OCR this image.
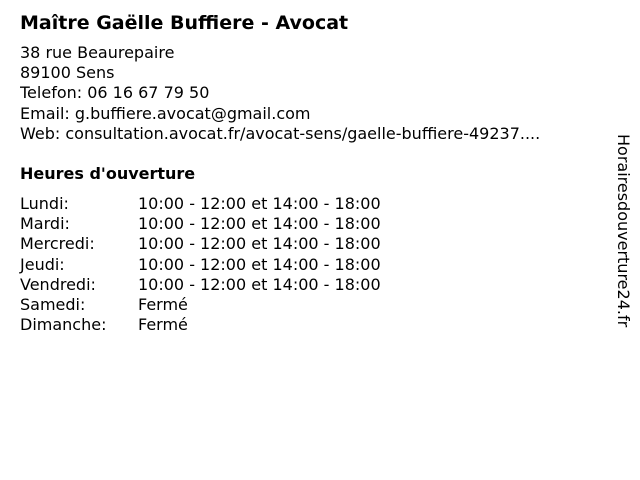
Maître Gaëlle Buffiere - Avocat
38 rue Beaurepaire
89100 Sens
Telefon: 06 16 67 79 50
Email: g.buffiere.avocat@gmail.com
Web: consultation.avocat.fr/avocat-sens/gaelle-buffiere-49237....
Heures d'ouverture
Lundi:	10:00 - 12:00 et 14:00 - 18:00
Mardi:	10:00 - 12:00 et 14:00 - 18:00
Mercredi:	10:00 - 12:00 et 14:00 - 18:00
Jeudi:	10:00 - 12:00 et 14:00 - 18:00
Vendredi:	10:00 - 12:00 et 14:00 - 18:00
Samedi:	Fermé
Dimanche:	Fermé	Horairesdouverture24.fr
